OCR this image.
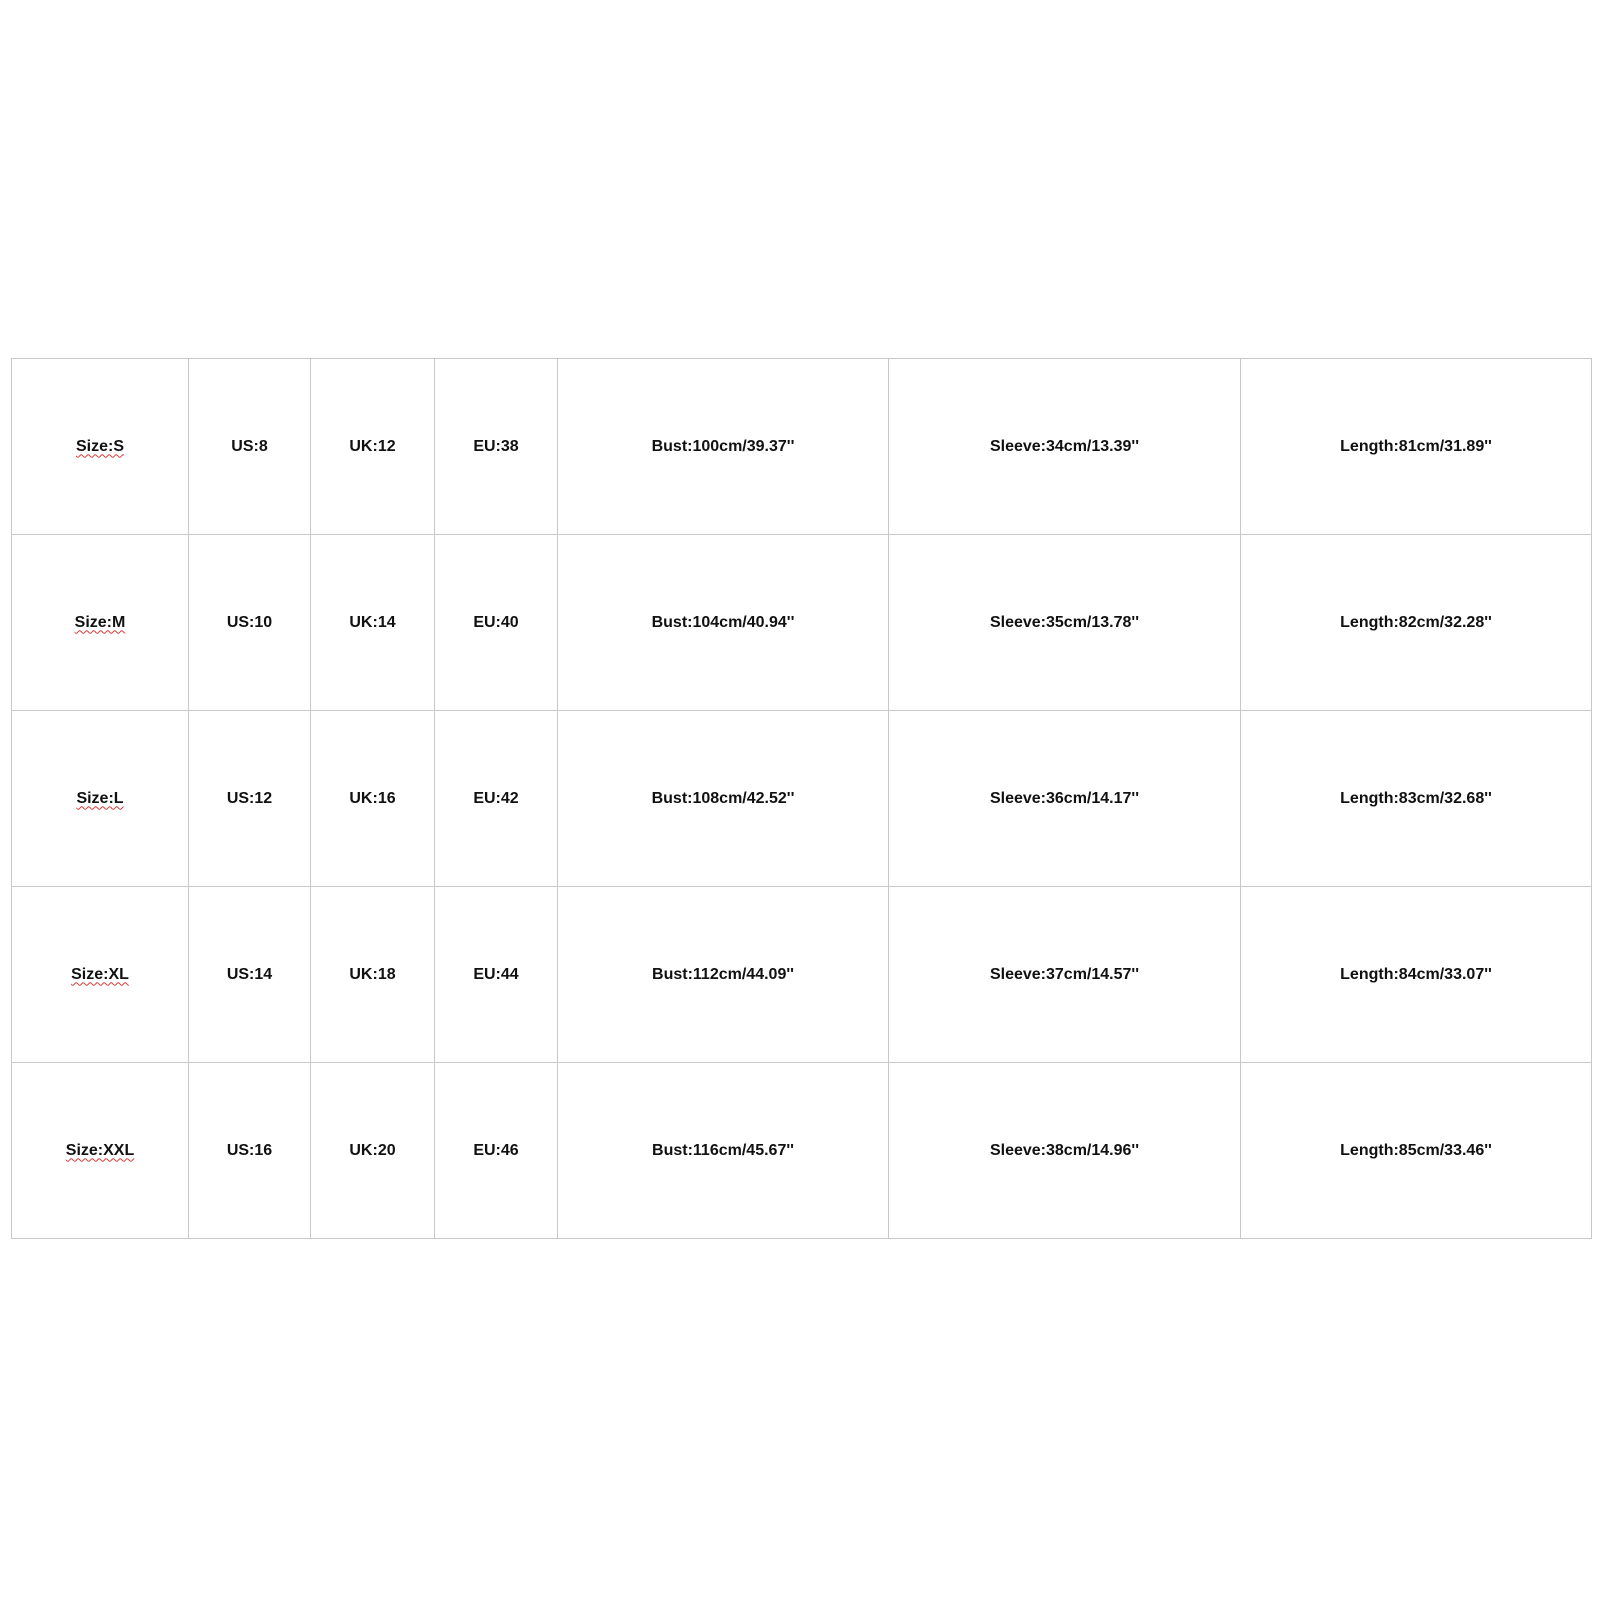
Size:S	US:8	UK:12	EU:38	Bust:100cm/39.37''	Sleeve:34cm/13.39''	Length:81cm/31.89''
Size:M	US:10	UK:14	EU:40	Bust:104cm/40.94''	Sleeve:35cm/13.78''	Length:82cm/32.28''
Size:L	US:12	UK:16	EU:42	Bust:108cm/42.52''	Sleeve:36cm/14.17''	Length:83cm/32.68''
Size:XL	US:14	UK:18	EU:44	Bust:112cm/44.09''	Sleeve:37cm/14.57''	Length:84cm/33.07''
Size:XXL	US:16	UK:20	EU:46	Bust:116cm/45.67''	Sleeve:38cm/14.96''	Length:85cm/33.46''
